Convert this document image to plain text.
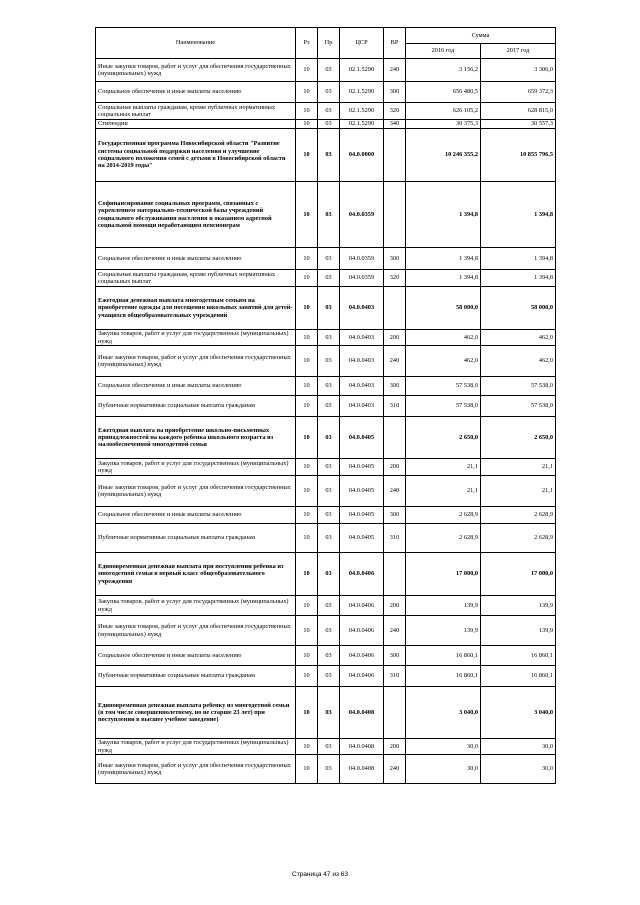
Наименование	Рз	Пр	ЦСР	ВР	Сумма	
					2016 год	2017 год
Иные закупки товаров, работ и услуг для обеспечения государственных (муниципальных) нужд	10	03	02.1.5290	240	3 156,2	3 306,0
Социальное обеспечение и иные выплаты населению	10	03	02.1.5290	300	656 480,5	659 372,3
Социальные выплаты гражданам, кроме публичных нормативных социальных выплат	10	03	02.1.5290	320	626 105,2	628 815,0
Стипендии	10	03	02.1.5290	340	30 375,3	30 557,3
Государственная программа Новосибирской области "Развитие системы социальной поддержки населения и улучшение социального положения семей с детьми в Новосибирской области на 2014-2019 годы"	10	03	04.0.0000		10 246 355,2	10 855 796,5
Софинансирование социальных программ, связанных с укреплением материально-технической базы учреждений социального обслуживания населения и оказанием адресной социальной помощи неработающим пенсионерам	10	03	04.0.0359		1 394,8	1 394,8
Социальное обеспечение и иные выплаты населению	10	03	04.0.0359	300	1 394,8	1 394,8
Социальные выплаты гражданам, кроме публичных нормативных социальных выплат	10	03	04.0.0359	320	1 394,8	1 394,8
Ежегодная денежная выплата многодетным семьям на приобретение одежды для посещения школьных занятий для детей-учащихся общеобразовательных учреждений	10	03	04.0.0403		58 000,0	58 000,0
Закупка товаров, работ и услуг для государственных (муниципальных) нужд	10	03	04.0.0403	200	462,0	462,0
Иные закупки товаров, работ и услуг для обеспечения государственных (муниципальных) нужд	10	03	04.0.0403	240	462,0	462,0
Социальное обеспечение и иные выплаты населению	10	03	04.0.0403	300	57 538,0	57 538,0
Публичные нормативные социальные выплаты гражданам	10	03	04.0.0403	310	57 538,0	57 538,0
Ежегодная выплата на приобретение школьно-письменных принадлежностей на каждого ребенка школьного возраста из малообеспеченной многодетной семьи	10	03	04.0.0405		2 650,0	2 650,0
Закупка товаров, работ и услуг для государственных (муниципальных) нужд	10	03	04.0.0405	200	21,1	21,1
Иные закупки товаров, работ и услуг для обеспечения государственных (муниципальных) нужд	10	03	04.0.0405	240	21,1	21,1
Социальное обеспечение и иные выплаты населению	10	03	04.0.0405	300	2 628,9	2 628,9
Публичные нормативные социальные выплаты гражданам	10	03	04.0.0405	310	2 628,9	2 628,9
Единовременная денежная выплата при поступлении ребенка из многодетной семьи в первый класс общеобразовательного учреждения	10	03	04.0.0406		17 000,0	17 000,0
Закупка товаров, работ и услуг для государственных (муниципальных) нужд	10	03	04.0.0406	200	139,9	139,9
Иные закупки товаров, работ и услуг для обеспечения государственных (муниципальных) нужд	10	03	04.0.0406	240	139,9	139,9
Социальное обеспечение и иные выплаты населению	10	03	04.0.0406	300	16 860,1	16 860,1
Публичные нормативные социальные выплаты гражданам	10	03	04.0.0406	310	16 860,1	16 860,1
Единовременная денежная выплата ребенку из многодетной семьи (в том числе совершеннолетнему, но не старше 23 лет) при поступлении в высшее учебное заведение)	10	03	04.0.0408		3 040,0	3 040,0
Закупка товаров, работ и услуг для государственных (муниципальных) нужд	10	03	04.0.0408	200	30,0	30,0
Иные закупки товаров, работ и услуг для обеспечения государственных (муниципальных) нужд	10	03	04.0.0408	240	30,0	30,0
Страница 47 из 63
